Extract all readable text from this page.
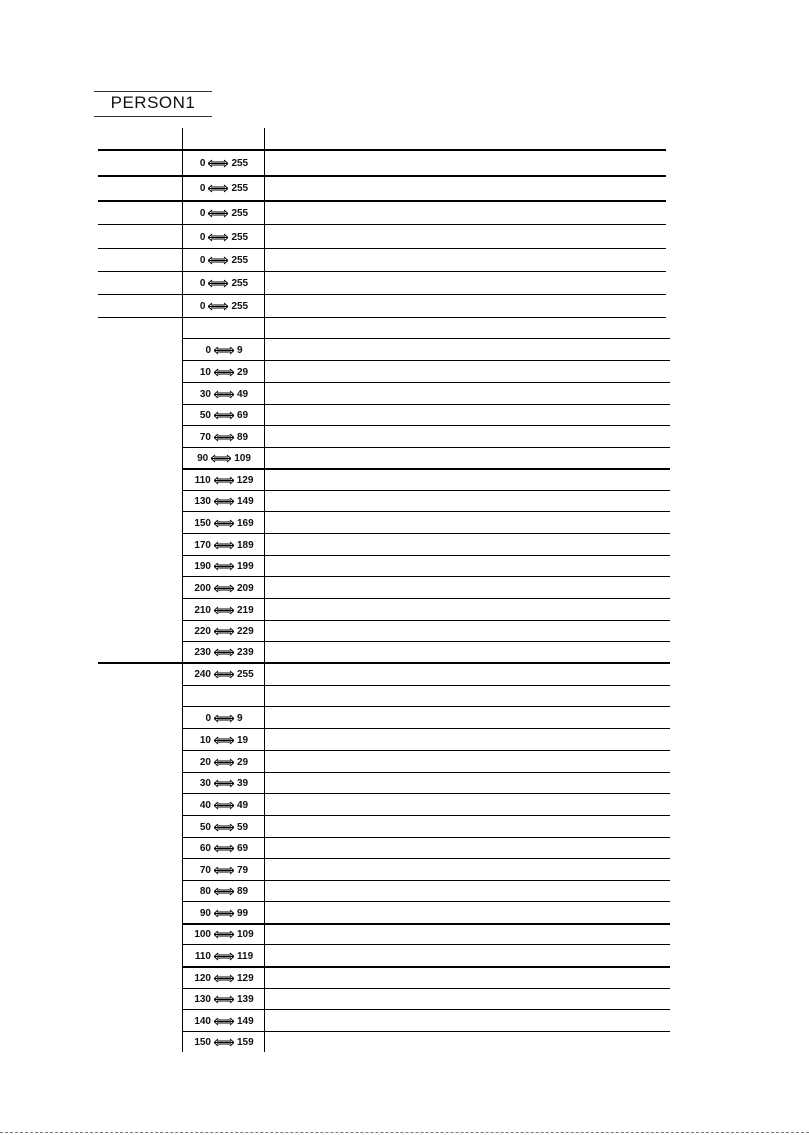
PERSON1
0	255
0	255
0	255
0	255
0	255
0	255
0	255
0	9
10	29
30	49
50	69
70	89
90	109
110	129
130	149
150	169
170	189
190	199
200	209
210	219
220	229
230	239
240	255
0	9
10	19
20	29
30	39
40	49
50	59
60	69
70	79
80	89
90	99
100	109
110	119
120	129
130	139
140	149
150	159
